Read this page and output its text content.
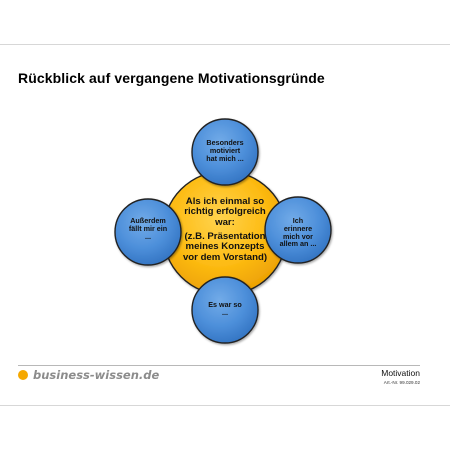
Rückblick auf vergangene Motivationsgründe
Als ich einmal so
richtig erfolgreich
war:
(z.B. Präsentation
meines Konzepts
vor dem Vorstand)
Besonders
motiviert
hat mich ...
Außerdem
fällt mir ein
...
Ich
erinnere
mich vor
allem an ...
Es war so
...
business-wissen.de	Motivation
Art.-Nr. 99.029.02
